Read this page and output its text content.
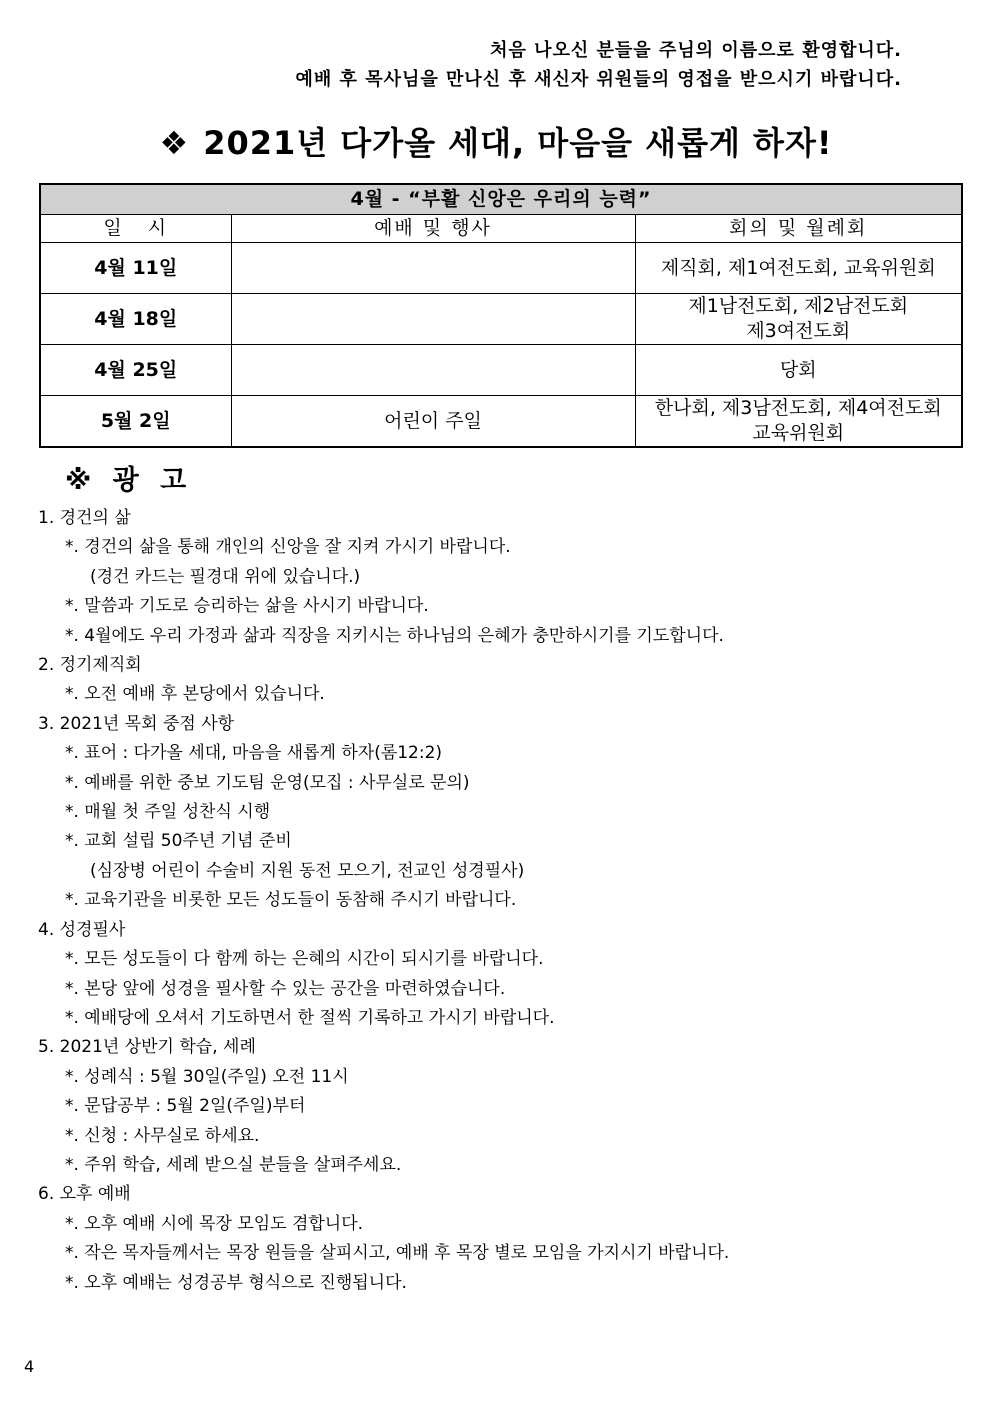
처음 나오신 분들을 주님의 이름으로 환영합니다.
예배 후 목사님을 만나신 후 새신자 위원들의 영접을 받으시기 바랍니다.
❖ 2021년 다가올 세대, 마음을 새롭게 하자!
4월 - “부활 신앙은 우리의 능력”		
일   시	예배 및 행사	회의 및 월례회
4월 11일		제직회, 제1여전도회, 교육위원회

4월 18일		제1남전도회, 제2남전도회
제3여전도회

4월 25일		당회

5월 2일	어린이 주일	한나회, 제3남전도회, 제4여전도회
교육위원회
※ 광 고
1. 경건의 삶
*. 경건의 삶을 통해 개인의 신앙을 잘 지켜 가시기 바랍니다.
(경건 카드는 필경대 위에 있습니다.)
*. 말씀과 기도로 승리하는 삶을 사시기 바랍니다.
*. 4월에도 우리 가정과 삶과 직장을 지키시는 하나님의 은혜가 충만하시기를 기도합니다.
2. 정기제직회
*. 오전 예배 후 본당에서 있습니다.
3. 2021년 목회 중점 사항
*. 표어 : 다가올 세대, 마음을 새롭게 하자(롬12:2)
*. 예배를 위한 중보 기도팀 운영(모집 : 사무실로 문의)
*. 매월 첫 주일 성찬식 시행
*. 교회 설립 50주년 기념 준비
(심장병 어린이 수술비 지원 동전 모으기, 전교인 성경필사)
*. 교육기관을 비롯한 모든 성도들이 동참해 주시기 바랍니다.
4. 성경필사
*. 모든 성도들이 다 함께 하는 은혜의 시간이 되시기를 바랍니다.
*. 본당 앞에 성경을 필사할 수 있는 공간을 마련하였습니다.
*. 예배당에 오셔서 기도하면서 한 절씩 기록하고 가시기 바랍니다.
5. 2021년 상반기 학습, 세례
*. 성례식 : 5월 30일(주일) 오전 11시
*. 문답공부 : 5월 2일(주일)부터
*. 신청 : 사무실로 하세요.
*. 주위 학습, 세례 받으실 분들을 살펴주세요.
6. 오후 예배
*. 오후 예배 시에 목장 모임도 겸합니다.
*. 작은 목자들께서는 목장 원들을 살피시고, 예배 후 목장 별로 모임을 가지시기 바랍니다.
*. 오후 예배는 성경공부 형식으로 진행됩니다.
4
